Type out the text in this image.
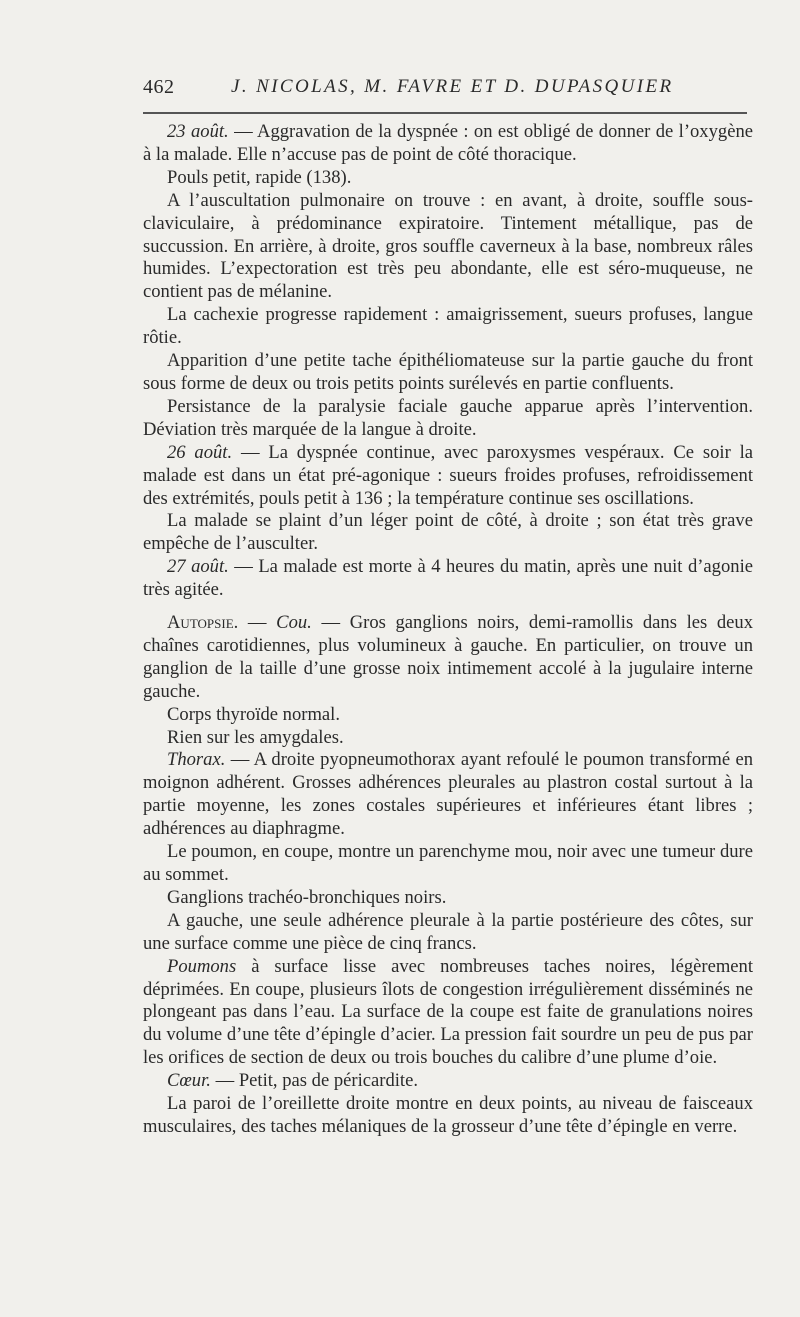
462	J. NICOLAS, M. FAVRE ET D. DUPASQUIER

23 août. — Aggravation de la dyspnée : on est obligé de donner de l’oxygène à la malade. Elle n’accuse pas de point de côté thoracique.

Pouls petit, rapide (138).

A l’auscultation pulmonaire on trouve : en avant, à droite, souffle sous-claviculaire, à prédominance expiratoire. Tintement métallique, pas de succussion. En arrière, à droite, gros souffle caverneux à la base, nombreux râles humides. L’expectoration est très peu abondante, elle est séro-muqueuse, ne contient pas de mélanine.

La cachexie progresse rapidement : amaigrissement, sueurs profuses, langue rôtie.

Apparition d’une petite tache épithéliomateuse sur la partie gauche du front sous forme de deux ou trois petits points surélevés en partie confluents.

Persistance de la paralysie faciale gauche apparue après l’intervention. Déviation très marquée de la langue à droite.

26 août. — La dyspnée continue, avec paroxysmes vespéraux. Ce soir la malade est dans un état pré-agonique : sueurs froides profuses, refroidissement des extrémités, pouls petit à 136 ; la température continue ses oscillations.

La malade se plaint d’un léger point de côté, à droite ; son état très grave empêche de l’ausculter.

27 août. — La malade est morte à 4 heures du matin, après une nuit d’agonie très agitée.

Autopsie. — Cou. — Gros ganglions noirs, demi-ramollis dans les deux chaînes carotidiennes, plus volumineux à gauche. En particulier, on trouve un ganglion de la taille d’une grosse noix intimement accolé à la jugulaire interne gauche.

Corps thyroïde normal.

Rien sur les amygdales.

Thorax. — A droite pyopneumothorax ayant refoulé le poumon transformé en moignon adhérent. Grosses adhérences pleurales au plastron costal surtout à la partie moyenne, les zones costales supérieures et inférieures étant libres ; adhérences au diaphragme.

Le poumon, en coupe, montre un parenchyme mou, noir avec une tumeur dure au sommet.

Ganglions trachéo-bronchiques noirs.

A gauche, une seule adhérence pleurale à la partie postérieure des côtes, sur une surface comme une pièce de cinq francs.

Poumons à surface lisse avec nombreuses taches noires, légèrement déprimées. En coupe, plusieurs îlots de congestion irrégulièrement disséminés ne plongeant pas dans l’eau. La surface de la coupe est faite de granulations noires du volume d’une tête d’épingle d’acier. La pression fait sourdre un peu de pus par les orifices de section de deux ou trois bouches du calibre d’une plume d’oie.

Cœur. — Petit, pas de péricardite.

La paroi de l’oreillette droite montre en deux points, au niveau de faisceaux musculaires, des taches mélaniques de la grosseur d’une tête d’épingle en verre.
